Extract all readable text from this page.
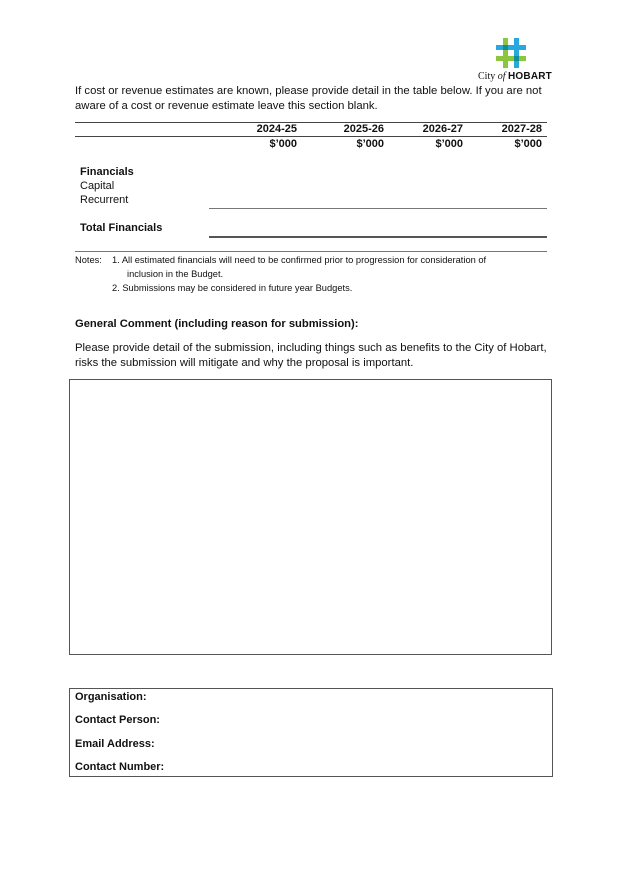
City of HOBART
If cost or revenue estimates are known, please provide detail in the table below. If you are not aware of a cost or revenue estimate leave this section blank.
2024-25	2025-26	2026-27	2027-28
$’000	$’000	$’000	$’000
Financials
Capital
Recurrent
Total Financials
Notes: 1. All estimated financials will need to be confirmed prior to progression for consideration of
inclusion in the Budget.
2. Submissions may be considered in future year Budgets.
General Comment (including reason for submission):
Please provide detail of the submission, including things such as benefits to the City of Hobart, risks the submission will mitigate and why the proposal is important.
Organisation:
Contact Person:
Email Address:
Contact Number:
